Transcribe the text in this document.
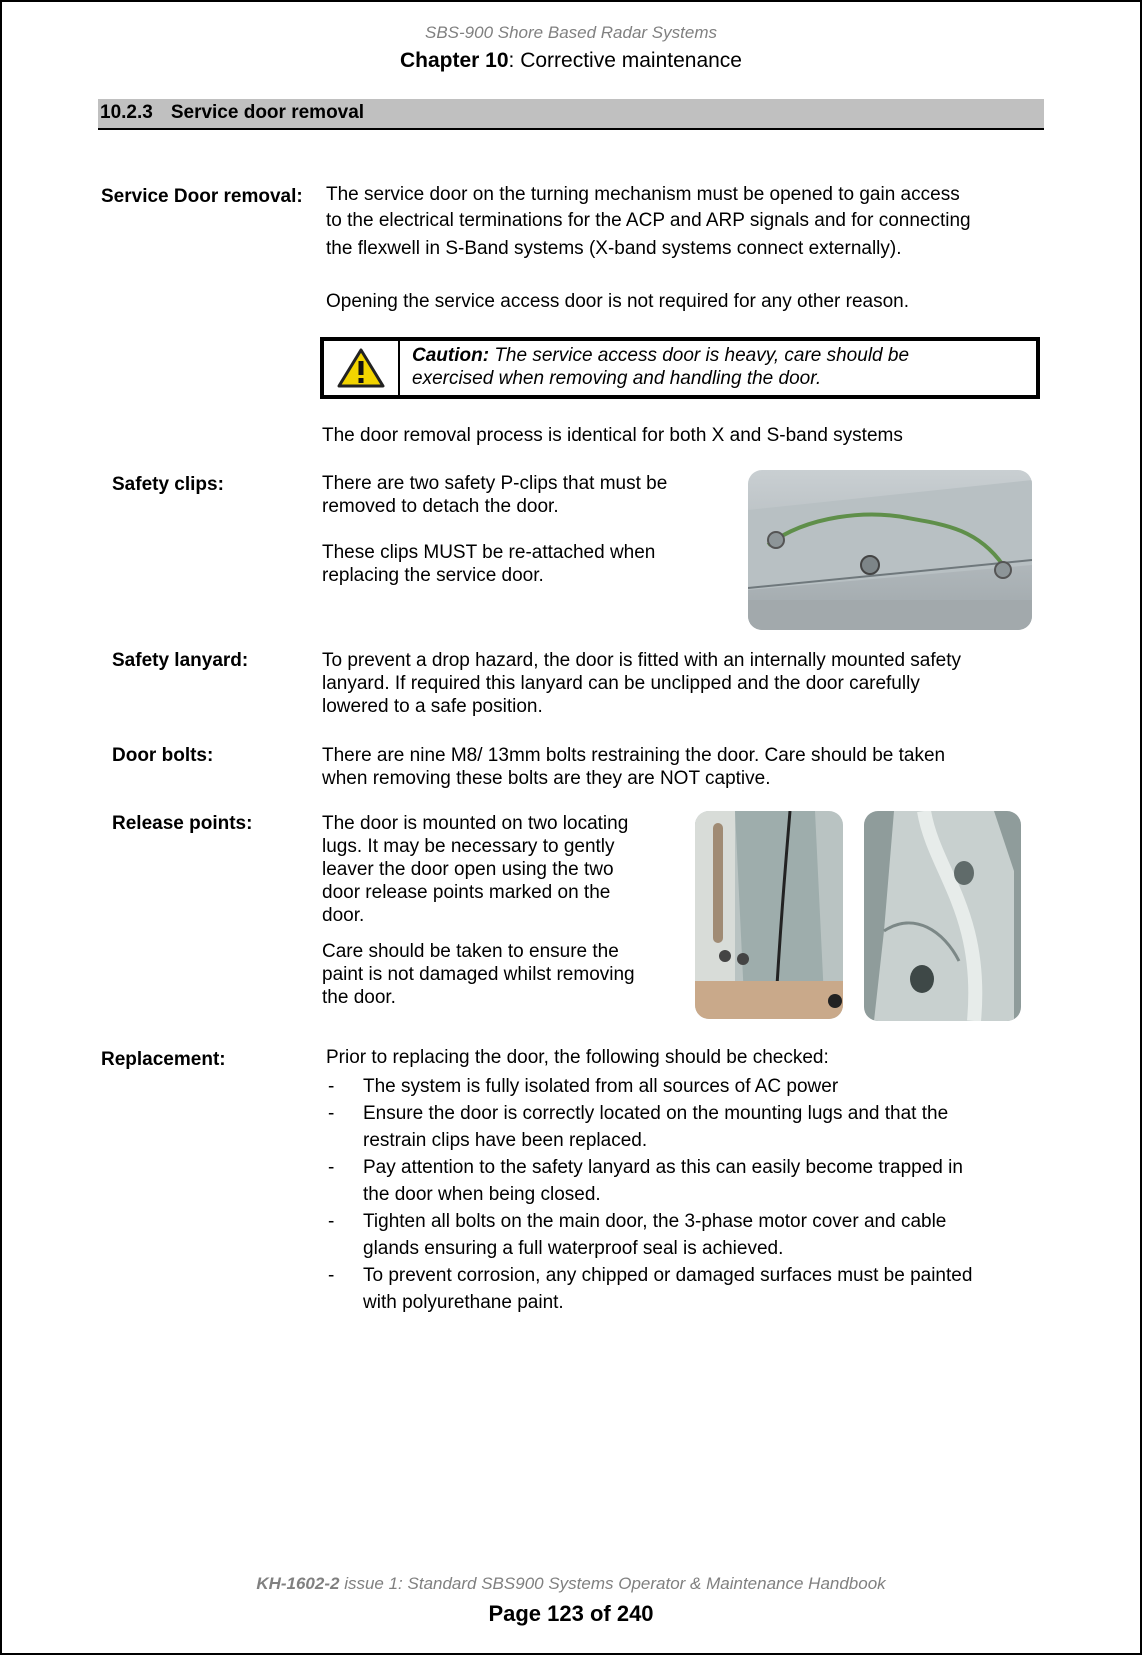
SBS-900 Shore Based Radar Systems
Chapter 10: Corrective maintenance
10.2.3 Service door removal
Service Door removal: The service door on the turning mechanism must be opened to gain access
to the electrical terminations for the ACP and ARP signals and for connecting
the flexwell in S-Band systems (X-band systems connect externally).
Opening the service access door is not required for any other reason.
Caution: The service access door is heavy, care should be
exercised when removing and handling the door.
The door removal process is identical for both X and S-band systems
Safety clips:	There are two safety P-clips that must be
removed to detach the door.
These clips MUST be re-attached when
replacing the service door.
Safety lanyard:	To prevent a drop hazard, the door is fitted with an internally mounted safety
lanyard. If required this lanyard can be unclipped and the door carefully
lowered to a safe position.
Door bolts:	There are nine M8/ 13mm bolts restraining the door. Care should be taken
when removing these bolts are they are NOT captive.
Release points:	The door is mounted on two locating
lugs. It may be necessary to gently
leaver the door open using the two
door release points marked on the
door.
Care should be taken to ensure the
paint is not damaged whilst removing
the door.
Replacement:	Prior to replacing the door, the following should be checked:
-	The system is fully isolated from all sources of AC power
-	Ensure the door is correctly located on the mounting lugs and that the
restrain clips have been replaced.
-	Pay attention to the safety lanyard as this can easily become trapped in
the door when being closed.
-	Tighten all bolts on the main door, the 3-phase motor cover and cable
glands ensuring a full waterproof seal is achieved.
-	To prevent corrosion, any chipped or damaged surfaces must be painted
with polyurethane paint.
KH-1602-2 issue 1: Standard SBS900 Systems Operator & Maintenance Handbook
Page 123 of 240
